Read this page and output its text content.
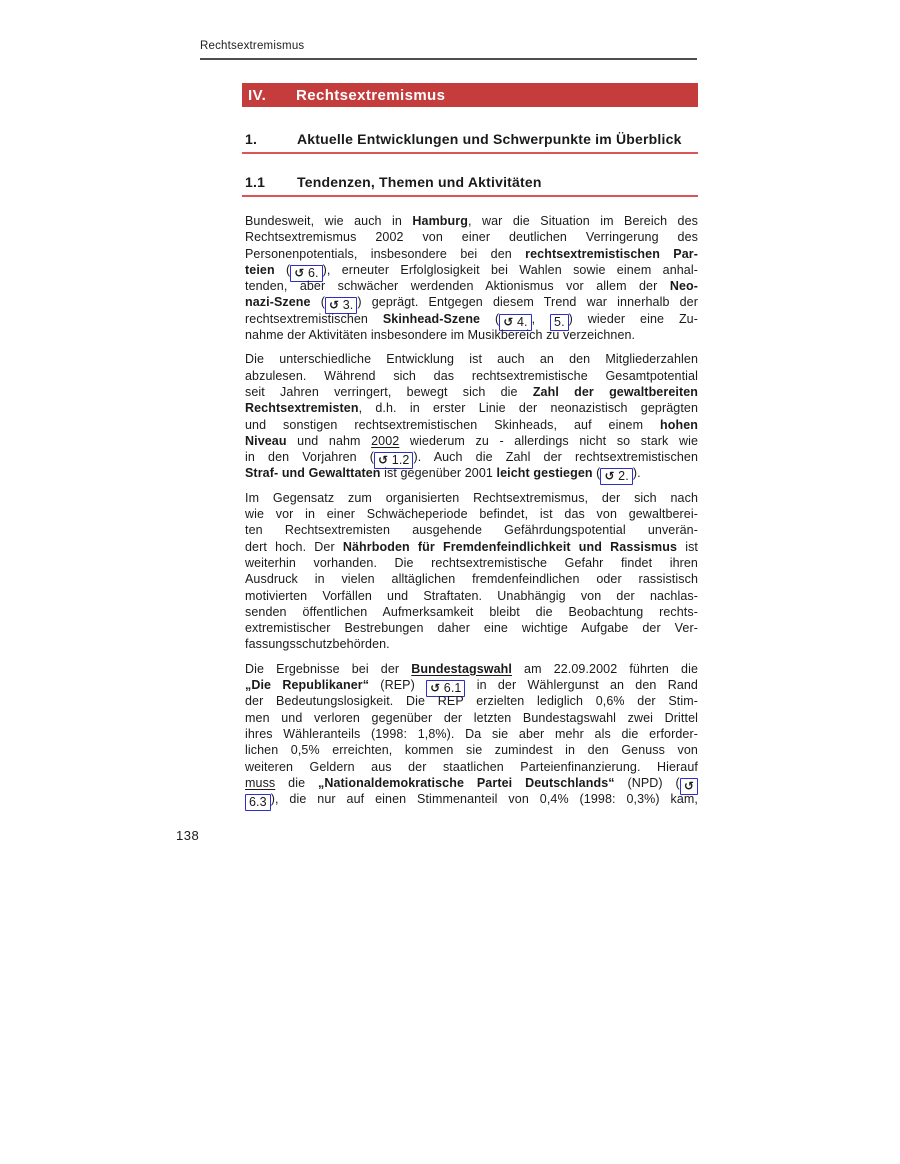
Rechtsextremismus
IV.	Rechtsextremismus
1.	Aktuelle Entwicklungen und Schwerpunkte im Überblick
1.1	Tendenzen, Themen und Aktivitäten
Bundesweit, wie auch in Hamburg, war die Situation im Bereich des
Rechtsextremismus 2002 von einer deutlichen Verringerung des
Personenpotentials, insbesondere bei den rechtsextremistischen Par-
teien ( ↺ 6. ), erneuter Erfolglosigkeit bei Wahlen sowie einem anhal-
tenden, aber schwächer werdenden Aktionismus vor allem der Neo-
nazi-Szene ( ↺ 3. ) geprägt. Entgegen diesem Trend war innerhalb der
rechtsextremistischen Skinhead-Szene ( ↺ 4. , 5. ) wieder eine Zu-
nahme der Aktivitäten insbesondere im Musikbereich zu verzeichnen.
Die unterschiedliche Entwicklung ist auch an den Mitgliederzahlen
abzulesen. Während sich das rechtsextremistische Gesamtpotential
seit Jahren verringert, bewegt sich die Zahl der gewaltbereiten
Rechtsextremisten, d.h. in erster Linie der neonazistisch geprägten
und sonstigen rechtsextremistischen Skinheads, auf einem hohen
Niveau und nahm 2002 wiederum zu - allerdings nicht so stark wie
in den Vorjahren ( ↺ 1.2 ). Auch die Zahl der rechtsextremistischen
Straf- und Gewalttaten ist gegenüber 2001 leicht gestiegen ( ↺ 2. ).
Im Gegensatz zum organisierten Rechtsextremismus, der sich nach
wie vor in einer Schwächeperiode befindet, ist das von gewaltberei-
ten Rechtsextremisten ausgehende Gefährdungspotential unverän-
dert hoch. Der Nährboden für Fremdenfeindlichkeit und Rassismus ist
weiterhin vorhanden. Die rechtsextremistische Gefahr findet ihren
Ausdruck in vielen alltäglichen fremdenfeindlichen oder rassistisch
motivierten Vorfällen und Straftaten. Unabhängig von der nachlas-
senden öffentlichen Aufmerksamkeit bleibt die Beobachtung rechts-
extremistischer Bestrebungen daher eine wichtige Aufgabe der Ver-
fassungsschutzbehörden.
Die Ergebnisse bei der Bundestagswahl am 22.09.2002 führten die
„Die Republikaner“ (REP) ↺ 6.1 in der Wählergunst an den Rand
der Bedeutungslosigkeit. Die REP erzielten lediglich 0,6% der Stim-
men und verloren gegenüber der letzten Bundestagswahl zwei Drittel
ihres Wähleranteils (1998: 1,8%). Da sie aber mehr als die erforder-
lichen 0,5% erreichten, kommen sie zumindest in den Genuss von
weiteren Geldern aus der staatlichen Parteienfinanzierung. Hierauf
muss die „Nationaldemokratische Partei Deutschlands“ (NPD) ( ↺
6.3 ), die nur auf einen Stimmenanteil von 0,4% (1998: 0,3%) kam,
138
